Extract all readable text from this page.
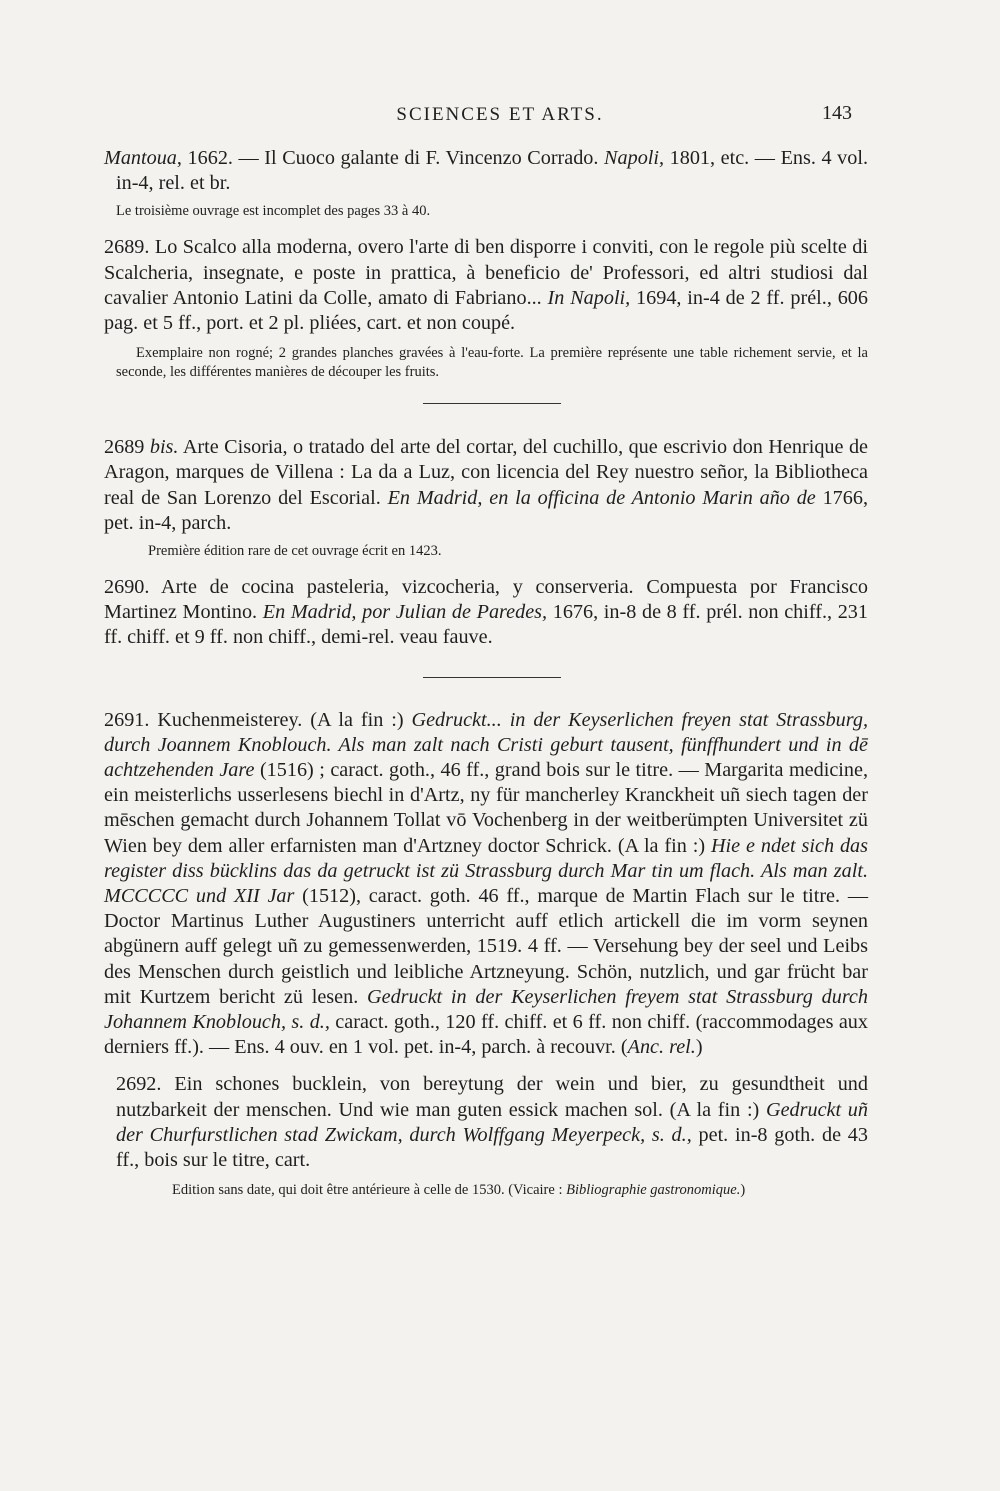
SCIENCES ET ARTS.	143

Mantoua, 1662. — Il Cuoco galante di F. Vincenzo Corrado. Napoli, 1801, etc. — Ens. 4 vol. in-4, rel. et br.

Le troisième ouvrage est incomplet des pages 33 à 40.

2689. Lo Scalco alla moderna, overo l'arte di ben disporre i conviti, con le regole più scelte di Scalcheria, insegnate, e poste in prattica, à beneficio de' Professori, ed altri studiosi dal cavalier Antonio Latini da Colle, amato di Fabriano... In Napoli, 1694, in-4 de 2 ff. prél., 606 pag. et 5 ff., port. et 2 pl. pliées, cart. et non coupé.

Exemplaire non rogné; 2 grandes planches gravées à l'eau-forte. La première représente une table richement servie, et la seconde, les différentes manières de découper les fruits.

2689 bis. Arte Cisoria, o tratado del arte del cortar, del cuchillo, que escrivio don Henrique de Aragon, marques de Villena : La da a Luz, con licencia del Rey nuestro señor, la Bibliotheca real de San Lorenzo del Escorial. En Madrid, en la officina de Antonio Marin año de 1766, pet. in-4, parch.

Première édition rare de cet ouvrage écrit en 1423.

2690. Arte de cocina pasteleria, vizcocheria, y conserveria. Compuesta por Francisco Martinez Montino. En Madrid, por Julian de Paredes, 1676, in-8 de 8 ff. prél. non chiff., 231 ff. chiff. et 9 ff. non chiff., demi-rel. veau fauve.

2691. Kuchenmeisterey. (A la fin :) Gedruckt... in der Keyserlichen freyen stat Strassburg, durch Joannem Knoblouch. Als man zalt nach Cristi geburt tausent, fünffhundert und in dē achtzehenden Jare (1516) ; caract. goth., 46 ff., grand bois sur le titre. — Margarita medicine, ein meisterlichs usserlesens biechl in d'Artz, ny für mancherley Kranckheit uñ siech tagen der mēschen gemacht durch Johannem Tollat vō Vochenberg in der weitberümpten Universitet zü Wien bey dem aller erfarnisten man d'Artzney doctor Schrick. (A la fin :) Hie e ndet sich das register diss bücklins das da getruckt ist zü Strassburg durch Mar tin um flach. Als man zalt. MCCCCC und XII Jar (1512), caract. goth. 46 ff., marque de Martin Flach sur le titre. — Doctor Martinus Luther Augustiners unterricht auff etlich artickell die im vorm seynen abgünern auff gelegt uñ zu gemessenwerden, 1519. 4 ff. — Versehung bey der seel und Leibs des Menschen durch geistlich und leibliche Artzneyung. Schön, nutzlich, und gar frücht bar mit Kurtzem bericht zü lesen. Gedruckt in der Keyserlichen freyem stat Strassburg durch Johannem Knoblouch, s. d., caract. goth., 120 ff. chiff. et 6 ff. non chiff. (raccommodages aux derniers ff.). — Ens. 4 ouv. en 1 vol. pet. in-4, parch. à recouvr. (Anc. rel.)

2692. Ein schones bucklein, von bereytung der wein und bier, zu gesundtheit und nutzbarkeit der menschen. Und wie man guten essick machen sol. (A la fin :) Gedruckt uñ der Churfurstlichen stad Zwickam, durch Wolffgang Meyerpeck, s. d., pet. in-8 goth. de 43 ff., bois sur le titre, cart.

Edition sans date, qui doit être antérieure à celle de 1530. (Vicaire : Bibliographie gastronomique.)
